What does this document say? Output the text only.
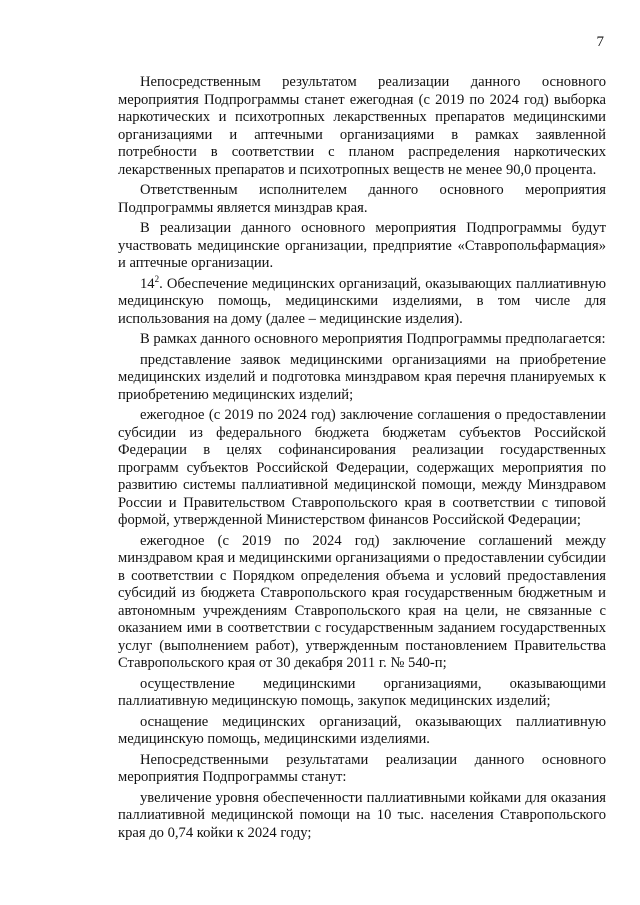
7

Непосредственным результатом реализации данного основного мероприятия Подпрограммы станет ежегодная (с 2019 по 2024 год) выборка наркотических и психотропных лекарственных препаратов медицинскими организациями и аптечными организациями в рамках заявленной потребности в соответствии с планом распределения наркотических лекарственных препаратов и психотропных веществ не менее 90,0 процента.

Ответственным исполнителем данного основного мероприятия Подпрограммы является минздрав края.

В реализации данного основного мероприятия Подпрограммы будут участвовать медицинские организации, предприятие «Ставропольфармация» и аптечные организации.

$14^2$. Обеспечение медицинских организаций, оказывающих паллиативную медицинскую помощь, медицинскими изделиями, в том числе для использования на дому (далее – медицинские изделия).

В рамках данного основного мероприятия Подпрограммы предполагается:

представление заявок медицинскими организациями на приобретение медицинских изделий и подготовка минздравом края перечня планируемых к приобретению медицинских изделий;

ежегодное (с 2019 по 2024 год) заключение соглашения о предоставлении субсидии из федерального бюджета бюджетам субъектов Российской Федерации в целях софинансирования реализации государственных программ субъектов Российской Федерации, содержащих мероприятия по развитию системы паллиативной медицинской помощи, между Минздравом России и Правительством Ставропольского края в соответствии с типовой формой, утвержденной Министерством финансов Российской Федерации;

ежегодное (с 2019 по 2024 год) заключение соглашений между минздравом края и медицинскими организациями о предоставлении субсидии в соответствии с Порядком определения объема и условий предоставления субсидий из бюджета Ставропольского края государственным бюджетным и автономным учреждениям Ставропольского края на цели, не связанные с оказанием ими в соответствии с государственным заданием государственных услуг (выполнением работ), утвержденным постановлением Правительства Ставропольского края от 30 декабря 2011 г. № 540-п;

осуществление медицинскими организациями, оказывающими паллиативную медицинскую помощь, закупок медицинских изделий;

оснащение медицинских организаций, оказывающих паллиативную медицинскую помощь, медицинскими изделиями.

Непосредственными результатами реализации данного основного мероприятия Подпрограммы станут:

увеличение уровня обеспеченности паллиативными койками для оказания паллиативной медицинской помощи на 10 тыс. населения Ставропольского края до 0,74 койки к 2024 году;
